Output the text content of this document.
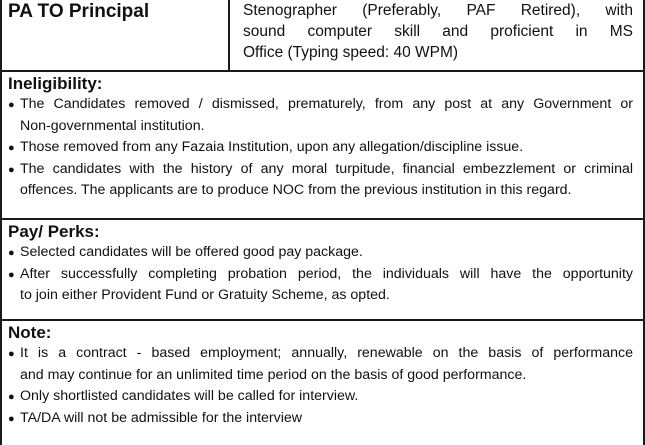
PA TO Principal	Stenographer (Preferably, PAF Retired), with
sound computer skill and proficient in MS
Office (Typing speed: 40 WPM)
Ineligibility:
● The Candidates removed / dismissed, prematurely, from any post at any Government or
Non-governmental institution.
● Those removed from any Fazaia Institution, upon any allegation/discipline issue.
● The candidates with the history of any moral turpitude, financial embezzlement or criminal
offences. The applicants are to produce NOC from the previous institution in this regard.
Pay/ Perks:
● Selected candidates will be offered good pay package.
● After successfully completing probation period, the individuals will have the opportunity
to join either Provident Fund or Gratuity Scheme, as opted.
Note:
● It is a contract - based employment; annually, renewable on the basis of performance
and may continue for an unlimited time period on the basis of good performance.
● Only shortlisted candidates will be called for interview.
● TA/DA will not be admissible for the interview
